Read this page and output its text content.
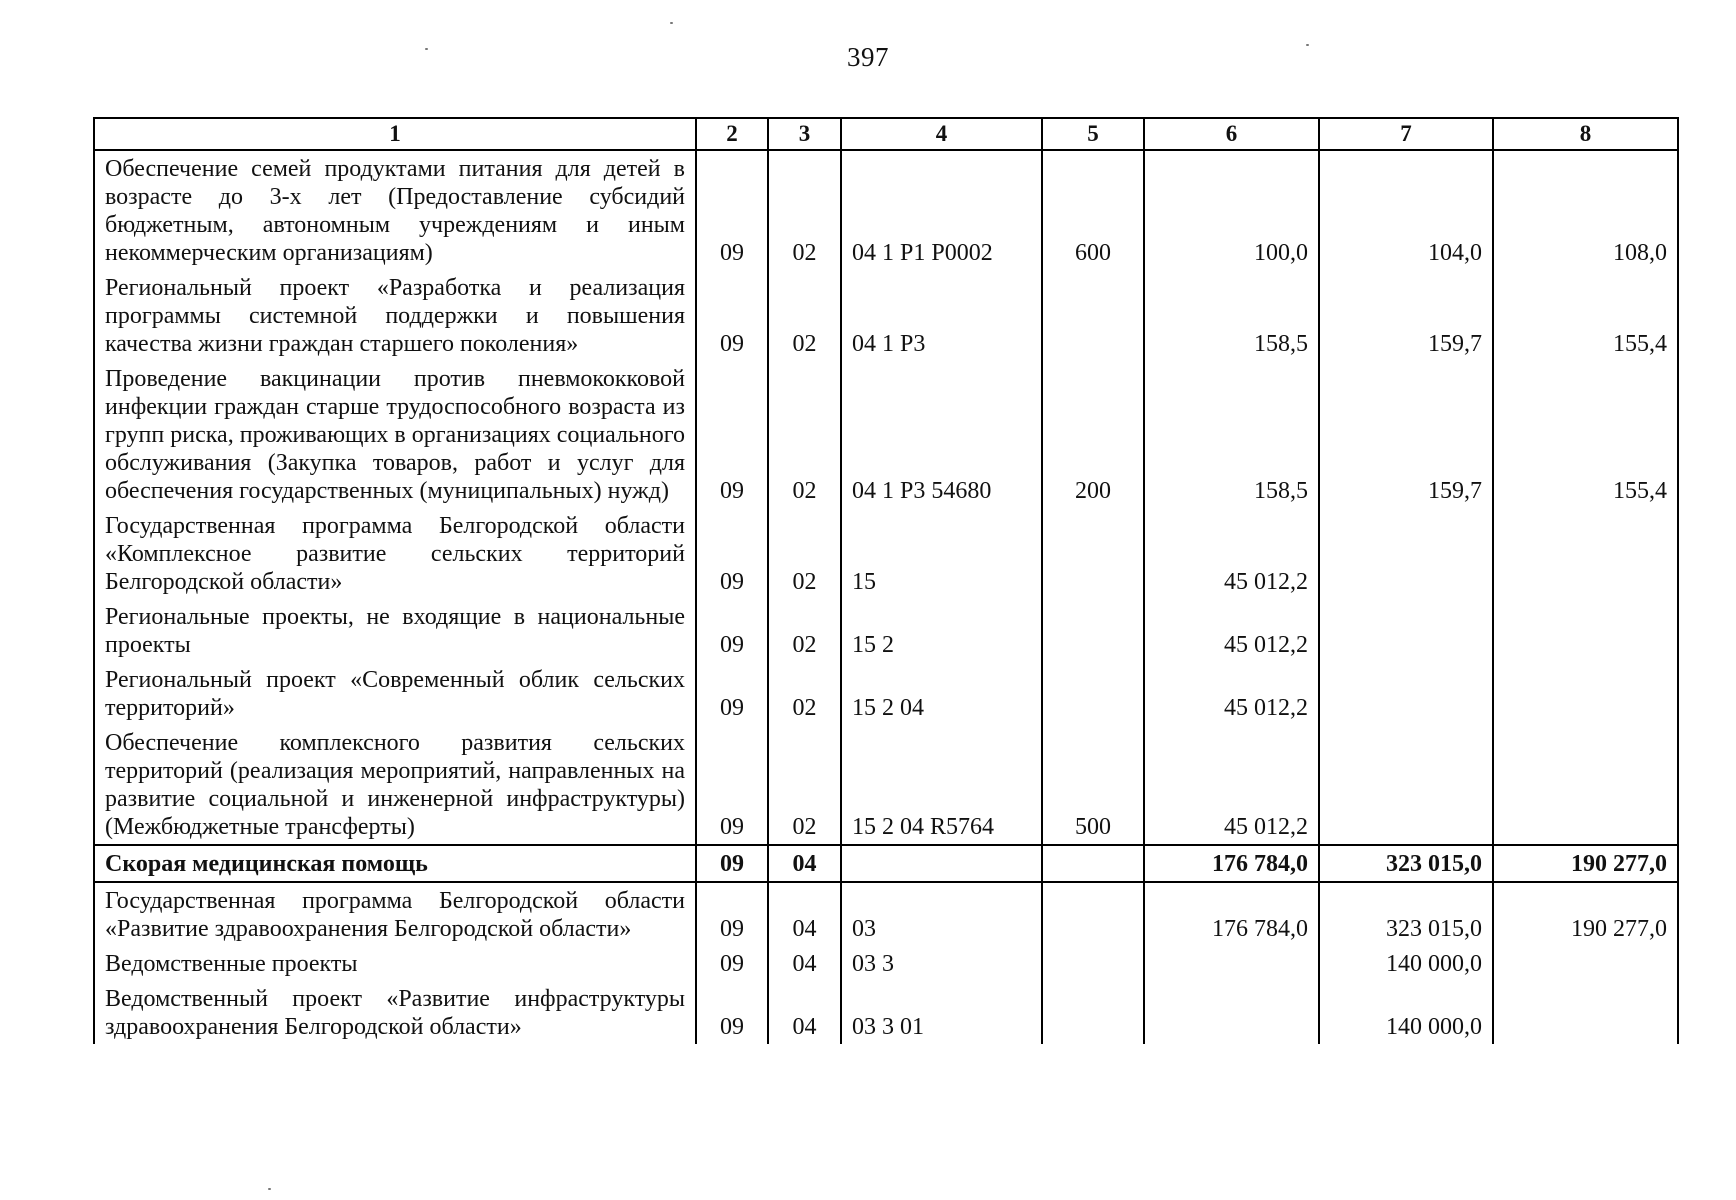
397
1	2	3	4	5	6	7	8
Обеспечение семей продуктами питания для детей в возрасте до 3-х лет (Предоставление субсидий бюджетным, автономным учреждениям и иным некоммерческим организациям)	09	02	04 1 P1 P0002	600	100,0	104,0	108,0
Региональный проект «Разработка и реализация программы системной поддержки и повышения качества жизни граждан старшего поколения»	09	02	04 1 P3		158,5	159,7	155,4
Проведение вакцинации против пневмококковой инфекции граждан старше трудоспособного возраста из групп риска, проживающих в организациях социального обслуживания (Закупка товаров, работ и услуг для обеспечения государственных (муниципальных) нужд)	09	02	04 1 P3 54680	200	158,5	159,7	155,4
Государственная программа Белгородской области «Комплексное развитие сельских территорий Белгородской области»	09	02	15		45 012,2		
Региональные проекты, не входящие в национальные проекты	09	02	15 2		45 012,2		
Региональный проект «Современный облик сельских территорий»	09	02	15 2 04		45 012,2		
Обеспечение комплексного развития сельских территорий (реализация мероприятий, направленных на развитие социальной и инженерной инфраструктуры) (Межбюджетные трансферты)	09	02	15 2 04 R5764	500	45 012,2		
Скорая медицинская помощь	09	04			176 784,0	323 015,0	190 277,0
Государственная программа Белгородской области «Развитие здравоохранения Белгородской области»	09	04	03		176 784,0	323 015,0	190 277,0
Ведомственные проекты	09	04	03 3			140 000,0	
Ведомственный проект «Развитие инфраструктуры здравоохранения Белгородской области»	09	04	03 3 01			140 000,0	
